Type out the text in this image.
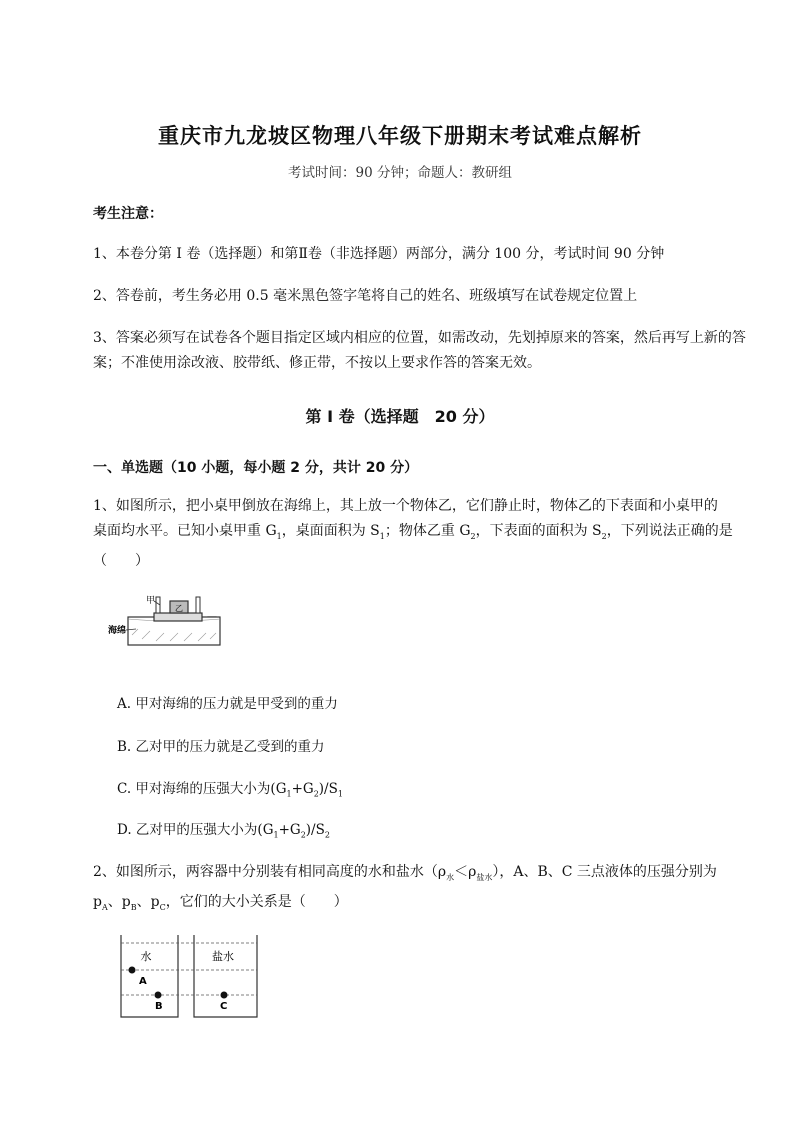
重庆市九龙坡区物理八年级下册期末考试难点解析
考试时间：90 分钟；命题人：教研组
考生注意：
1、本卷分第 I 卷（选择题）和第Ⅱ卷（非选择题）两部分，满分 100 分，考试时间 90 分钟
2、答卷前，考生务必用 0.5 毫米黑色签字笔将自己的姓名、班级填写在试卷规定位置上
3、答案必须写在试卷各个题目指定区域内相应的位置，如需改动，先划掉原来的答案，然后再写上新的答案；不准使用涂改液、胶带纸、修正带，不按以上要求作答的答案无效。
第 I 卷（选择题　20 分）
一、单选题（10 小题，每小题 2 分，共计 20 分）
1、如图所示，把小桌甲倒放在海绵上，其上放一个物体乙，它们静止时，物体乙的下表面和小桌甲的
桌面均水平。已知小桌甲重 $G_1$，桌面面积为 $S_1$；物体乙重 $G_2$，下表面的面积为 $S_2$，下列说法正确的是
（　　）
乙
甲
海绵
A. 甲对海绵的压力就是甲受到的重力
B. 乙对甲的压力就是乙受到的重力
C. 甲对海绵的压强大小为$(G_1+G_2)/S_1$
D. 乙对甲的压强大小为$(G_1+G_2)/S_2$
2、如图所示，两容器中分别装有相同高度的水和盐水$(\rho_水<\rho_{盐水})$，A、B、C 三点液体的压强分别为
$p_A$、$p_B$、$p_C$，它们的大小关系是（　　）
水	盐水
A
B	C
